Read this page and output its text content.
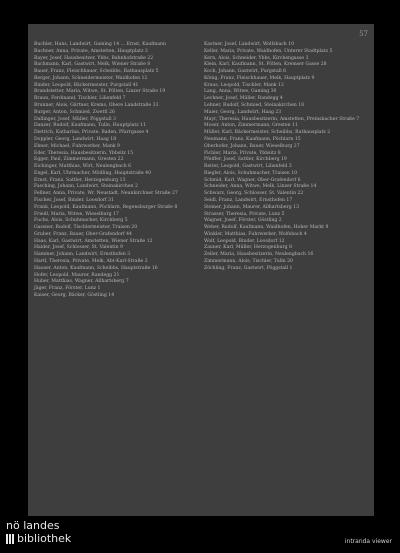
57
Buchler, Hans, Landwirt, Gaming 14 ... Ernst, Kaufmann
Buchner, Anna, Private, Amstetten, Hauptplatz 3
Bayer, Josef, Hausbesitzer, Ybbs, Bahnhofstraße 22
Bachmann, Karl, Gastwirt, Melk, Wiener Straße 8
Bauer, Franz, Fleischhauer, Scheibbs, Rathausplatz 5
Berger, Johann, Schneidermeister, Waidhofen 12
Binder, Leopold, Bäckermeister, Purgstall 41
Brandstetter, Maria, Witwe, St. Pölten, Linzer Straße 19
Braun, Ferdinand, Tischler, Lilienfeld 7
Brunner, Alois, Gärtner, Krems, Obere Landstraße 33
Burger, Anton, Schmied, Zwettl 26
Dallinger, Josef, Müller, Pöggstall 3
Danzer, Rudolf, Kaufmann, Tulln, Hauptplatz 11
Dietrich, Katharina, Private, Baden, Pfarrgasse 4
Doppler, Georg, Landwirt, Haag 18
Ebner, Michael, Fuhrwerker, Mank 9
Eder, Theresia, Hausbesitzerin, Ybbsitz 15
Egger, Paul, Zimmermann, Gresten 22
Eichinger, Matthias, Wirt, Neulengbach 6
Engel, Karl, Uhrmacher, Mödling, Hauptstraße 40
Ernst, Franz, Sattler, Herzogenburg 13
Fasching, Johann, Landwirt, Steinakirchen 2
Fellner, Anna, Private, Wr. Neustadt, Neunkirchner Straße 27
Fischer, Josef, Binder, Loosdorf 31
Frank, Leopold, Kaufmann, Pöchlarn, Regensburger Straße 8
Friedl, Maria, Witwe, Wieselburg 17
Fuchs, Alois, Schuhmacher, Kirchberg 5
Gassner, Rudolf, Tischlermeister, Traisen 20
Gruber, Franz, Bauer, Ober-Grafendorf 44
Haas, Karl, Gastwirt, Amstetten, Wiener Straße 12
Haider, Josef, Schlosser, St. Valentin 9
Hammer, Johann, Landwirt, Ernsthofen 3
Hartl, Theresia, Private, Melk, Abt-Karl-Straße 2
Hauser, Anton, Kaufmann, Scheibbs, Hauptstraße 16
Hofer, Leopold, Maurer, Randegg 21
Huber, Matthias, Wagner, Allhartsberg 7
Jäger, Franz, Förster, Lunz 1
Kaiser, Georg, Bäcker, Göstling 14
Kastner, Josef, Landwirt, Wolfsbach 10
Keller, Maria, Private, Waidhofen, Unterer Stadtplatz 5
Kern, Alois, Schneider, Ybbs, Kirchengasse 3
Klein, Karl, Kaufmann, St. Pölten, Kremser Gasse 28
Koch, Johann, Gastwirt, Purgstall 6
König, Franz, Fleischhauer, Melk, Hauptplatz 9
Kraus, Leopold, Tischler, Mank 12
Lang, Anna, Witwe, Gaming 30
Lechner, Josef, Müller, Randegg 4
Lehner, Rudolf, Schmied, Steinakirchen 18
Maier, Georg, Landwirt, Haag 23
Mayr, Theresia, Hausbesitzerin, Amstetten, Preinsbacher Straße 7
Moser, Anton, Zimmermann, Gresten 11
Müller, Karl, Bäckermeister, Scheibbs, Rathausplatz 2
Neumann, Franz, Kaufmann, Pöchlarn 15
Oberhofer, Johann, Bauer, Wieselburg 27
Pichler, Maria, Private, Ybbsitz 8
Pfeiffer, Josef, Sattler, Kirchberg 19
Reiter, Leopold, Gastwirt, Lilienfeld 3
Riegler, Alois, Schuhmacher, Traisen 10
Schmid, Karl, Wagner, Ober-Grafendorf 6
Schneider, Anna, Witwe, Melk, Linzer Straße 14
Schwarz, Georg, Schlosser, St. Valentin 22
Seidl, Franz, Landwirt, Ernsthofen 17
Steiner, Johann, Maurer, Allhartsberg 13
Strasser, Theresia, Private, Lunz 5
Wagner, Josef, Förster, Göstling 2
Weber, Rudolf, Kaufmann, Waidhofen, Hoher Markt 9
Winkler, Matthias, Fuhrwerker, Wolfsbach 4
Wolf, Leopold, Binder, Loosdorf 12
Zauner, Karl, Müller, Herzogenburg 8
Zeller, Maria, Hausbesitzerin, Neulengbach 16
Zimmermann, Alois, Tischler, Tulln 20
Zöchling, Franz, Gastwirt, Pöggstall 1
nö landes
bibliothek	intranda viewer
